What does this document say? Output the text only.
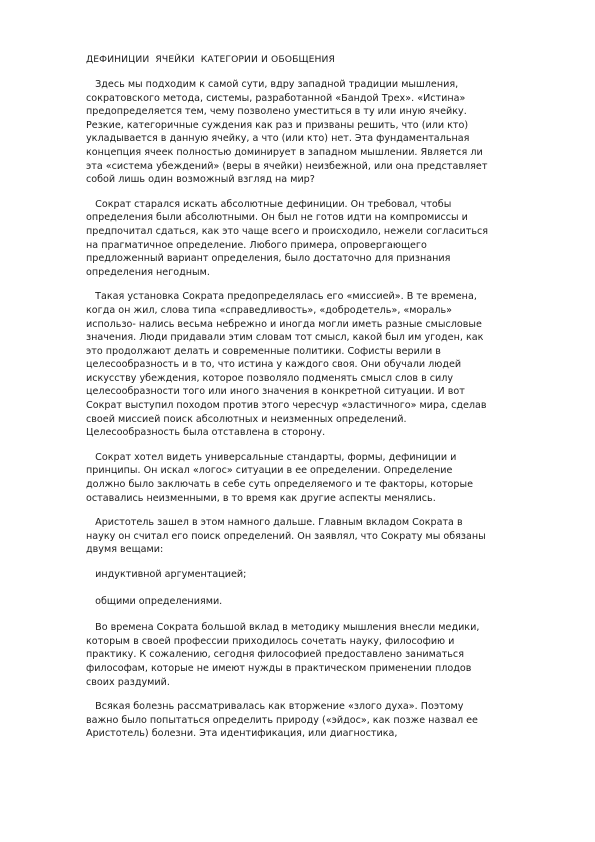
ДЕФИНИЦИИ  ЯЧЕЙКИ  КАТЕГОРИИ И ОБОБЩЕНИЯ
Здесь мы подходим к самой сути, вдру западной традиции мышления,
сократовского метода, системы, разработанной «Бандой Трех». «Истина»
предопределяется тем, чему позволено уместиться в ту или иную ячейку.
Резкие, категоричные суждения как раз и призваны решить, что (или кто)
укладывается в данную ячейку, а что (или кто) нет. Эта фундаментальная
концепция ячеек полностью доминирует в западном мышлении. Является ли
эта «система убеждений» (веры в ячейки) неизбежной, или она представляет
собой лишь один возможный взгляд на мир?
Сократ старался искать абсолютные дефиниции. Он требовал, чтобы
определения были абсолютными. Он был не готов идти на компромиссы и
предпочитал сдаться, как это чаще всего и происходило, нежели согласиться
на прагматичное определение. Любого примера, опровергающего
предложенный вариант определения, было достаточно для признания
определения негодным.
Такая установка Сократа предопределялась его «миссией». В те времена,
когда он жил, слова типа «справедливость», «добродетель», «мораль»
использо- нались весьма небрежно и иногда могли иметь разные смысловые
значения. Люди придавали этим словам тот смысл, какой был им угоден, как
это продолжают делать и современные политики. Софисты верили в
целесообразность и в то, что истина у каждого своя. Они обучали людей
искусству убеждения, которое позволяло подменять смысл слов в силу
целесообразности того или иного значения в конкретной ситуации. И вот
Сократ выступил походом против этого чересчур «эластичного» мира, сделав
своей миссией поиск абсолютных и неизменных определений.
Целесообразность была отставлена в сторону.
Сократ хотел видеть универсальные стандарты, формы, дефиниции и
принципы. Он искал «логос» ситуации в ее определении. Определение
должно было заключать в себе суть определяемого и те факторы, которые
оставались неизменными, в то время как другие аспекты менялись.
Аристотель зашел в этом намного дальше. Главным вкладом Сократа в
науку он считал его поиск определений. Он заявлял, что Сократу мы обязаны
двумя вещами:
индуктивной аргументацией;
общими определениями.
Во времена Сократа большой вклад в методику мышления внесли медики,
которым в своей профессии приходилось сочетать науку, философию и
практику. К сожалению, сегодня философией предоставлено заниматься
философам, которые не имеют нужды в практическом применении плодов
своих раздумий.
Всякая болезнь рассматривалась как вторжение «злого духа». Поэтому
важно было попытаться определить природу («эйдос», как позже назвал ее
Аристотель) болезни. Эта идентификация, или диагностика,
